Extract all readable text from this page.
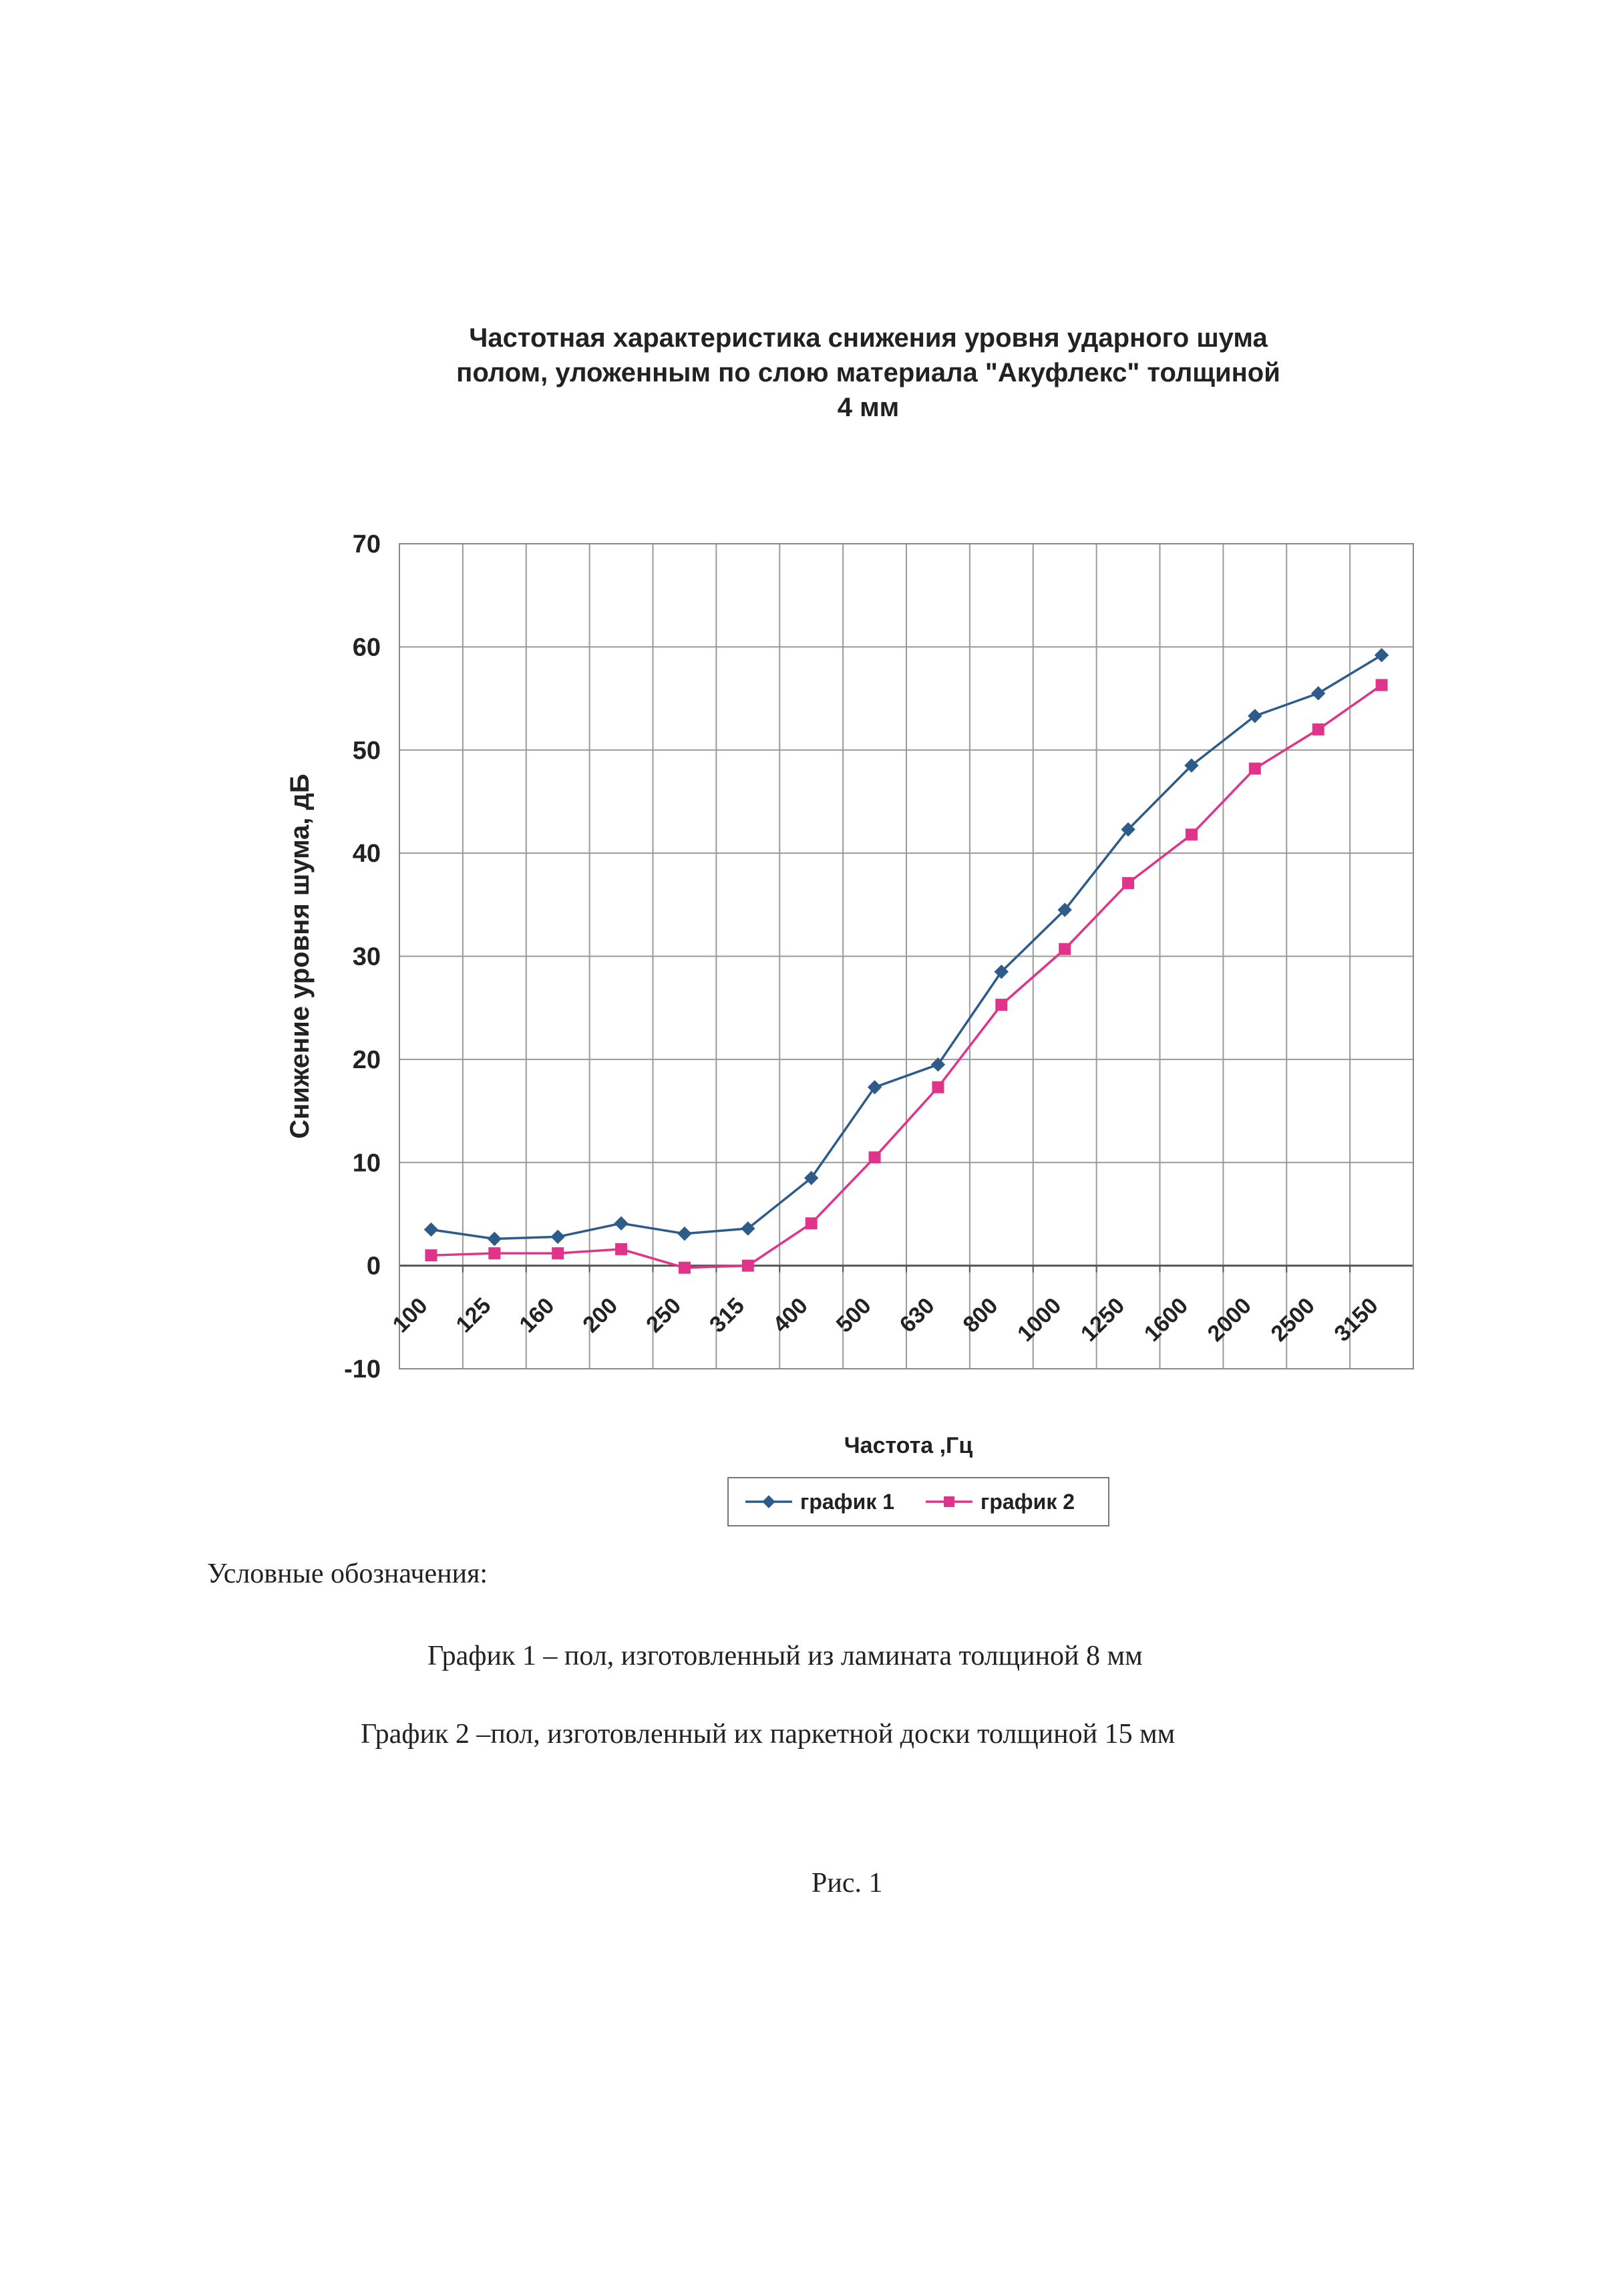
Частотная характеристика снижения уровня ударного шума
полом, уложенным по слою материала "Акуфлекс" толщиной
4 мм
-10
0
10
20
30
40
50
60
70
100 125 160 200 250 315 400 500 630 800 1000 1250 1600 2000 2500 3150
Снижение уровня шума, дБ
Частота ,Гц
график 1	график 2
Условные обозначения:
График 1 – пол, изготовленный из ламината толщиной 8 мм
График 2 –пол, изготовленный их паркетной доски толщиной 15 мм
Рис. 1
